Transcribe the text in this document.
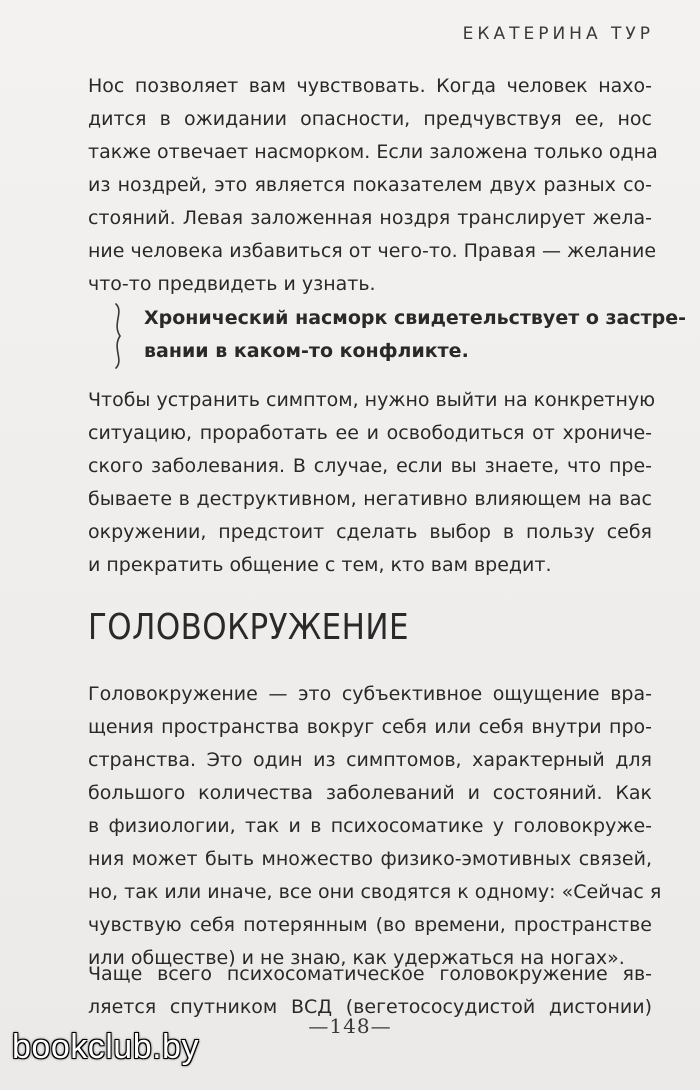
ЕКАТЕРИНА ТУР
Нос позволяет вам чувствовать. Когда человек нахо-
дится в ожидании опасности, предчувствуя ее, нос
также отвечает насморком. Если заложена только одна
из ноздрей, это является показателем двух разных со-
стояний. Левая заложенная ноздря транслирует жела-
ние человека избавиться от чего-то. Правая — желание
что-то предвидеть и узнать.
Хронический насморк свидетельствует о застре-
вании в каком-то конфликте.
Чтобы устранить симптом, нужно выйти на конкретную
ситуацию, проработать ее и освободиться от хрониче-
ского заболевания. В случае, если вы знаете, что пре-
бываете в деструктивном, негативно влияющем на вас
окружении, предстоит сделать выбор в пользу себя
и прекратить общение с тем, кто вам вредит.
ГОЛОВОКРУЖЕНИЕ
Головокружение — это субъективное ощущение вра-
щения пространства вокруг себя или себя внутри про-
странства. Это один из симптомов, характерный для
большого количества заболеваний и состояний. Как
в физиологии, так и в психосоматике у головокруже-
ния может быть множество физико-эмотивных связей,
но, так или иначе, все они сводятся к одному: «Сейчас я
чувствую себя потерянным (во времени, пространстве
или обществе) и не знаю, как удержаться на ногах».
Чаще всего психосоматическое головокружение яв-
ляется спутником ВСД (вегетососудистой дистонии)
—148—
bookclub.by
